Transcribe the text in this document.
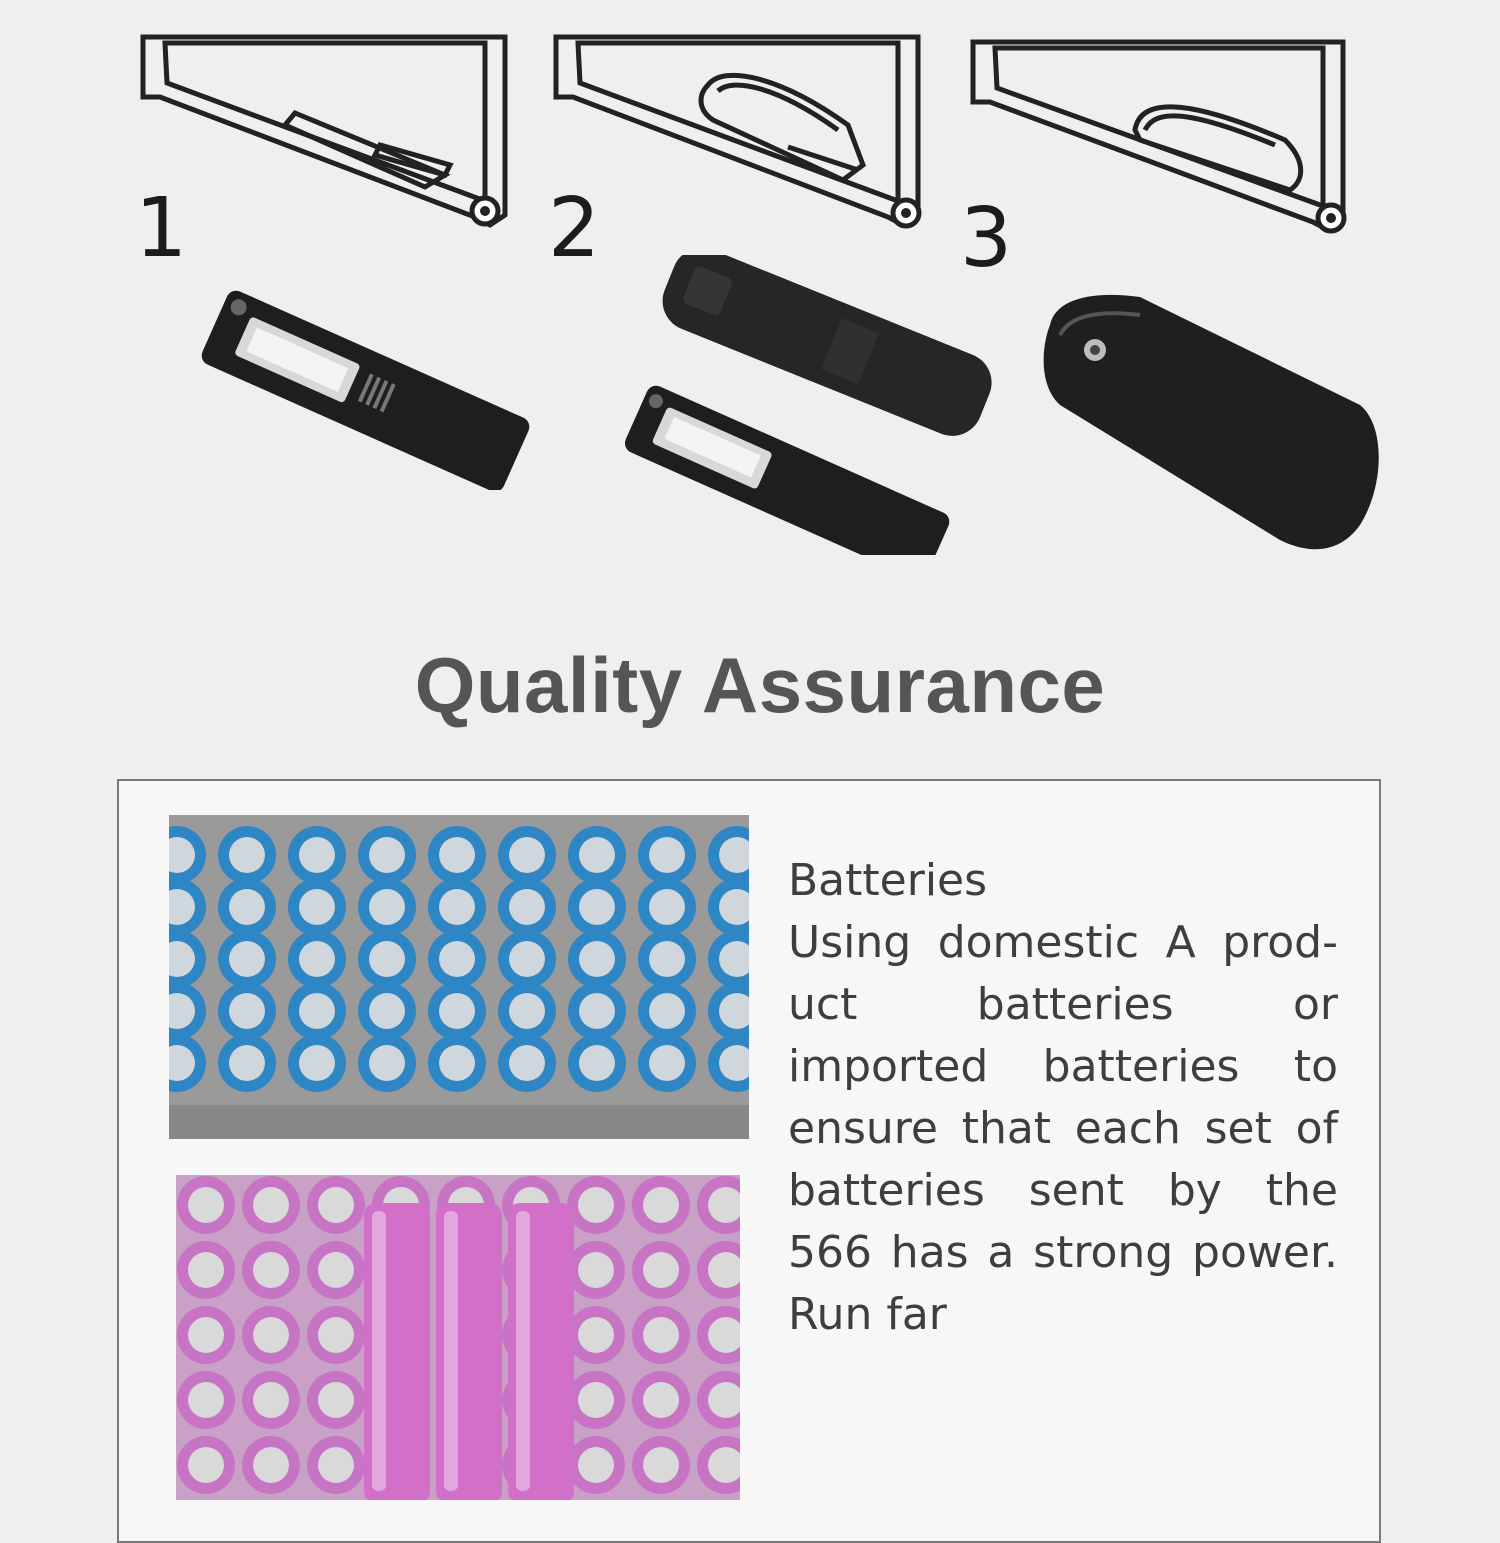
1	2	3
Quality Assurance
Batteries
Using domestic A prod-uct batteries or imported batteries to ensure that each set of batteries sent by the 566 has a strong power. Run far
